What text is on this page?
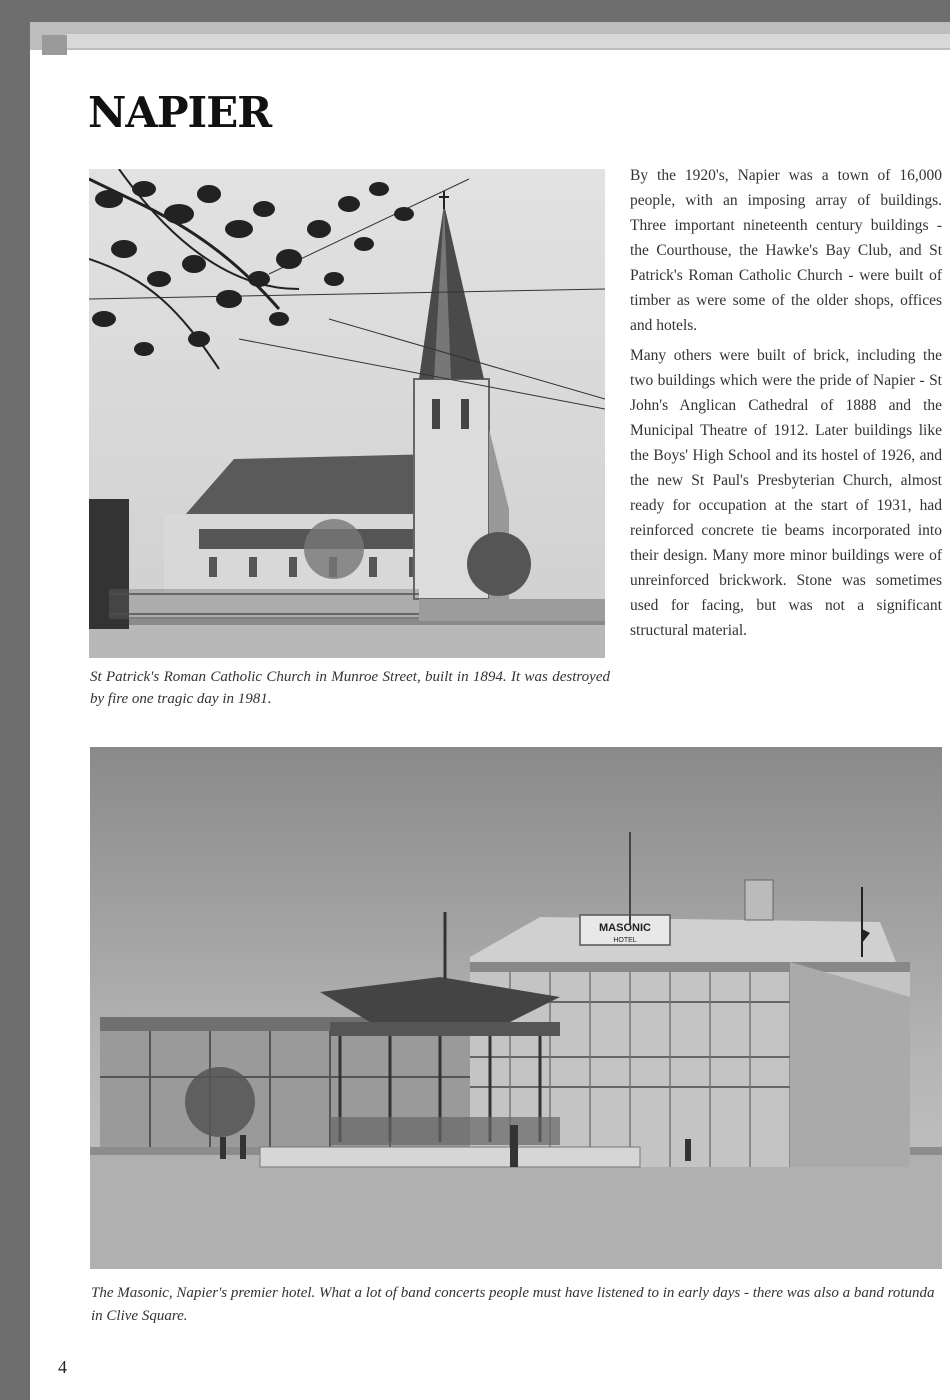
NAPIER
St Patrick's Roman Catholic Church in Munroe Street, built in 1894. It was destroyed by fire one tragic day in 1981.

By the 1920's, Napier was a town of 16,000 people, with an imposing array of buildings. Three important nineteenth century buildings - the Courthouse, the Hawke's Bay Club, and St Patrick's Roman Catholic Church - were built of timber as were some of the older shops, offices and hotels.

Many others were built of brick, including the two buildings which were the pride of Napier - St John's Anglican Cathedral of 1888 and the Municipal Theatre of 1912. Later buildings like the Boys' High School and its hostel of 1926, and the new St Paul's Presbyterian Church, almost ready for occupation at the start of 1931, had reinforced concrete tie beams incorporated into their design. Many more minor buildings were of unreinforced brickwork. Stone was sometimes used for facing, but was not a significant structural material.

MASONIC
HOTEL
The Masonic, Napier's premier hotel. What a lot of band concerts people must have listened to in early days - there was also a band rotunda in Clive Square.
4
